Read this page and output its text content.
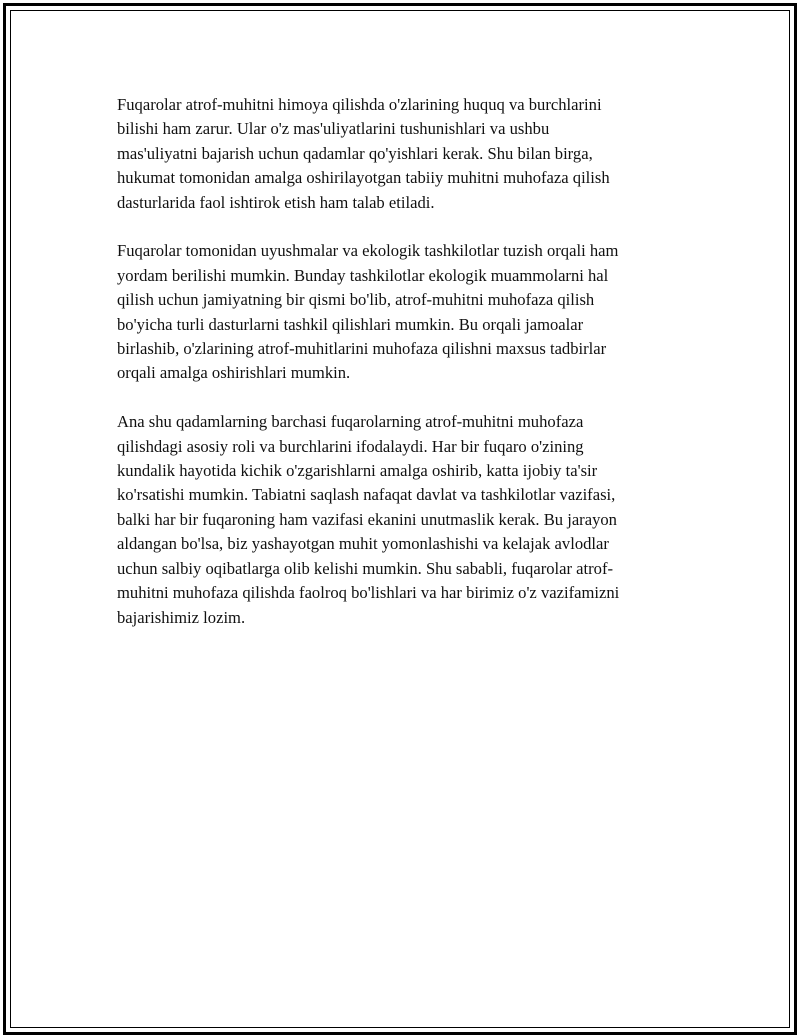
Fuqarolar atrof-muhitni himoya qilishda o'zlarining huquq va burchlarini
bilishi ham zarur. Ular o'z mas'uliyatlarini tushunishlari va ushbu
mas'uliyatni bajarish uchun qadamlar qo'yishlari kerak. Shu bilan birga,
hukumat tomonidan amalga oshirilayotgan tabiiy muhitni muhofaza qilish
dasturlarida faol ishtirok etish ham talab etiladi.

Fuqarolar tomonidan uyushmalar va ekologik tashkilotlar tuzish orqali ham
yordam berilishi mumkin. Bunday tashkilotlar ekologik muammolarni hal
qilish uchun jamiyatning bir qismi bo'lib, atrof-muhitni muhofaza qilish
bo'yicha turli dasturlarni tashkil qilishlari mumkin. Bu orqali jamoalar
birlashib, o'zlarining atrof-muhitlarini muhofaza qilishni maxsus tadbirlar
orqali amalga oshirishlari mumkin.

Ana shu qadamlarning barchasi fuqarolarning atrof-muhitni muhofaza
qilishdagi asosiy roli va burchlarini ifodalaydi. Har bir fuqaro o'zining
kundalik hayotida kichik o'zgarishlarni amalga oshirib, katta ijobiy ta'sir
ko'rsatishi mumkin. Tabiatni saqlash nafaqat davlat va tashkilotlar vazifasi,
balki har bir fuqaroning ham vazifasi ekanini unutmaslik kerak. Bu jarayon
aldangan bo'lsa, biz yashayotgan muhit yomonlashishi va kelajak avlodlar
uchun salbiy oqibatlarga olib kelishi mumkin. Shu sababli, fuqarolar atrof-
muhitni muhofaza qilishda faolroq bo'lishlari va har birimiz o'z vazifamizni
bajarishimiz lozim.
